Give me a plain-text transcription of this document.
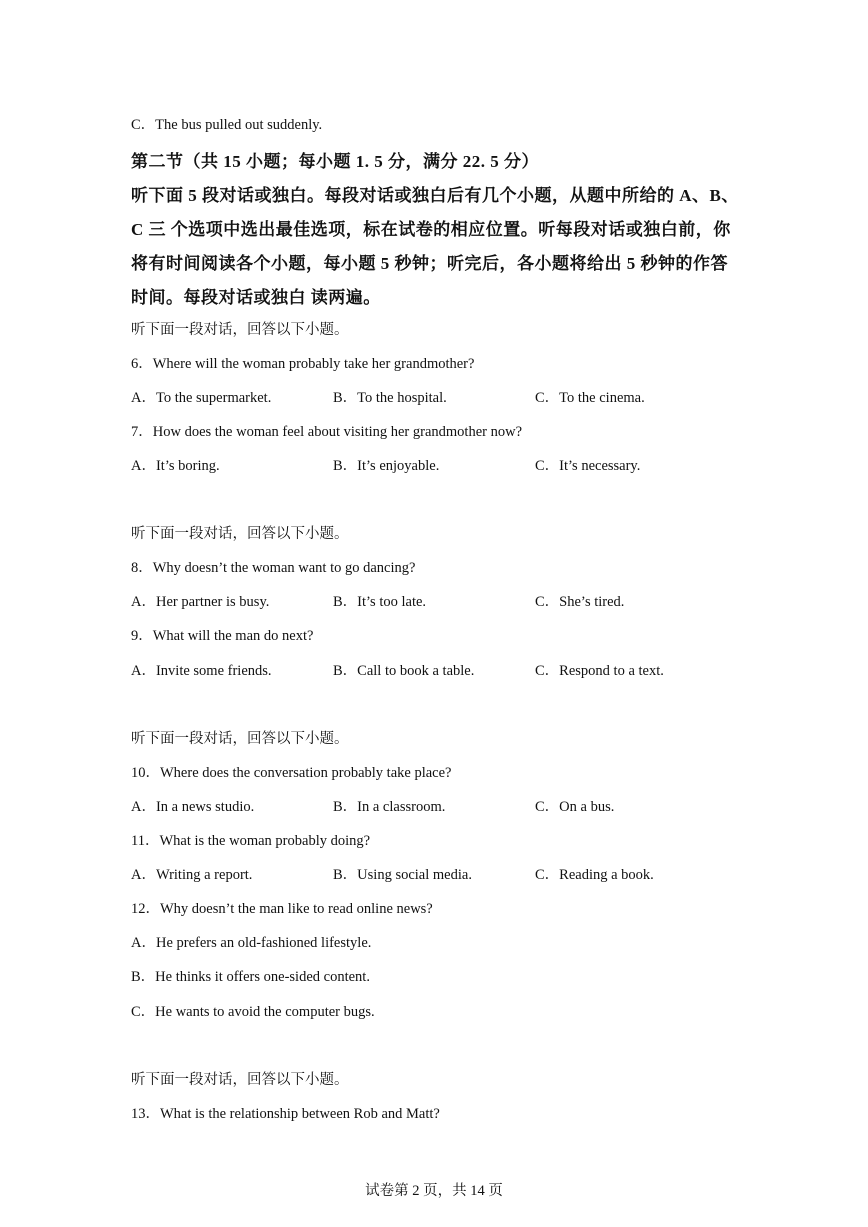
C．The bus pulled out suddenly.
第二节（共 15 小题；每小题 1. 5 分，满分 22. 5 分）
听下面 5 段对话或独白。每段对话或独白后有几个小题，从题中所给的 A、B、
C 三 个选项中选出最佳选项，标在试卷的相应位置。听每段对话或独白前，你
将有时间阅读各个小题，每小题 5 秒钟；听完后，各小题将给出 5 秒钟的作答
时间。每段对话或独白 读两遍。
听下面一段对话，回答以下小题。
6．Where will the woman probably take her grandmother?
A．To the supermarket.	B．To the hospital.	C．To the cinema.
7．How does the woman feel about visiting her grandmother now?
A．It’s boring.	B．It’s enjoyable.	C．It’s necessary.
听下面一段对话，回答以下小题。
8．Why doesn’t the woman want to go dancing?
A．Her partner is busy.	B．It’s too late.	C．She’s tired.
9．What will the man do next?
A．Invite some friends.	B．Call to book a table.	C．Respond to a text.
听下面一段对话，回答以下小题。
10．Where does the conversation probably take place?
A．In a news studio.	B．In a classroom.	C．On a bus.
11．What is the woman probably doing?
A．Writing a report.	B．Using social media.	C．Reading a book.
12．Why doesn’t the man like to read online news?
A．He prefers an old-fashioned lifestyle.
B．He thinks it offers one-sided content.
C．He wants to avoid the computer bugs.
听下面一段对话，回答以下小题。
13．What is the relationship between Rob and Matt?
试卷第 2 页，共 14 页
